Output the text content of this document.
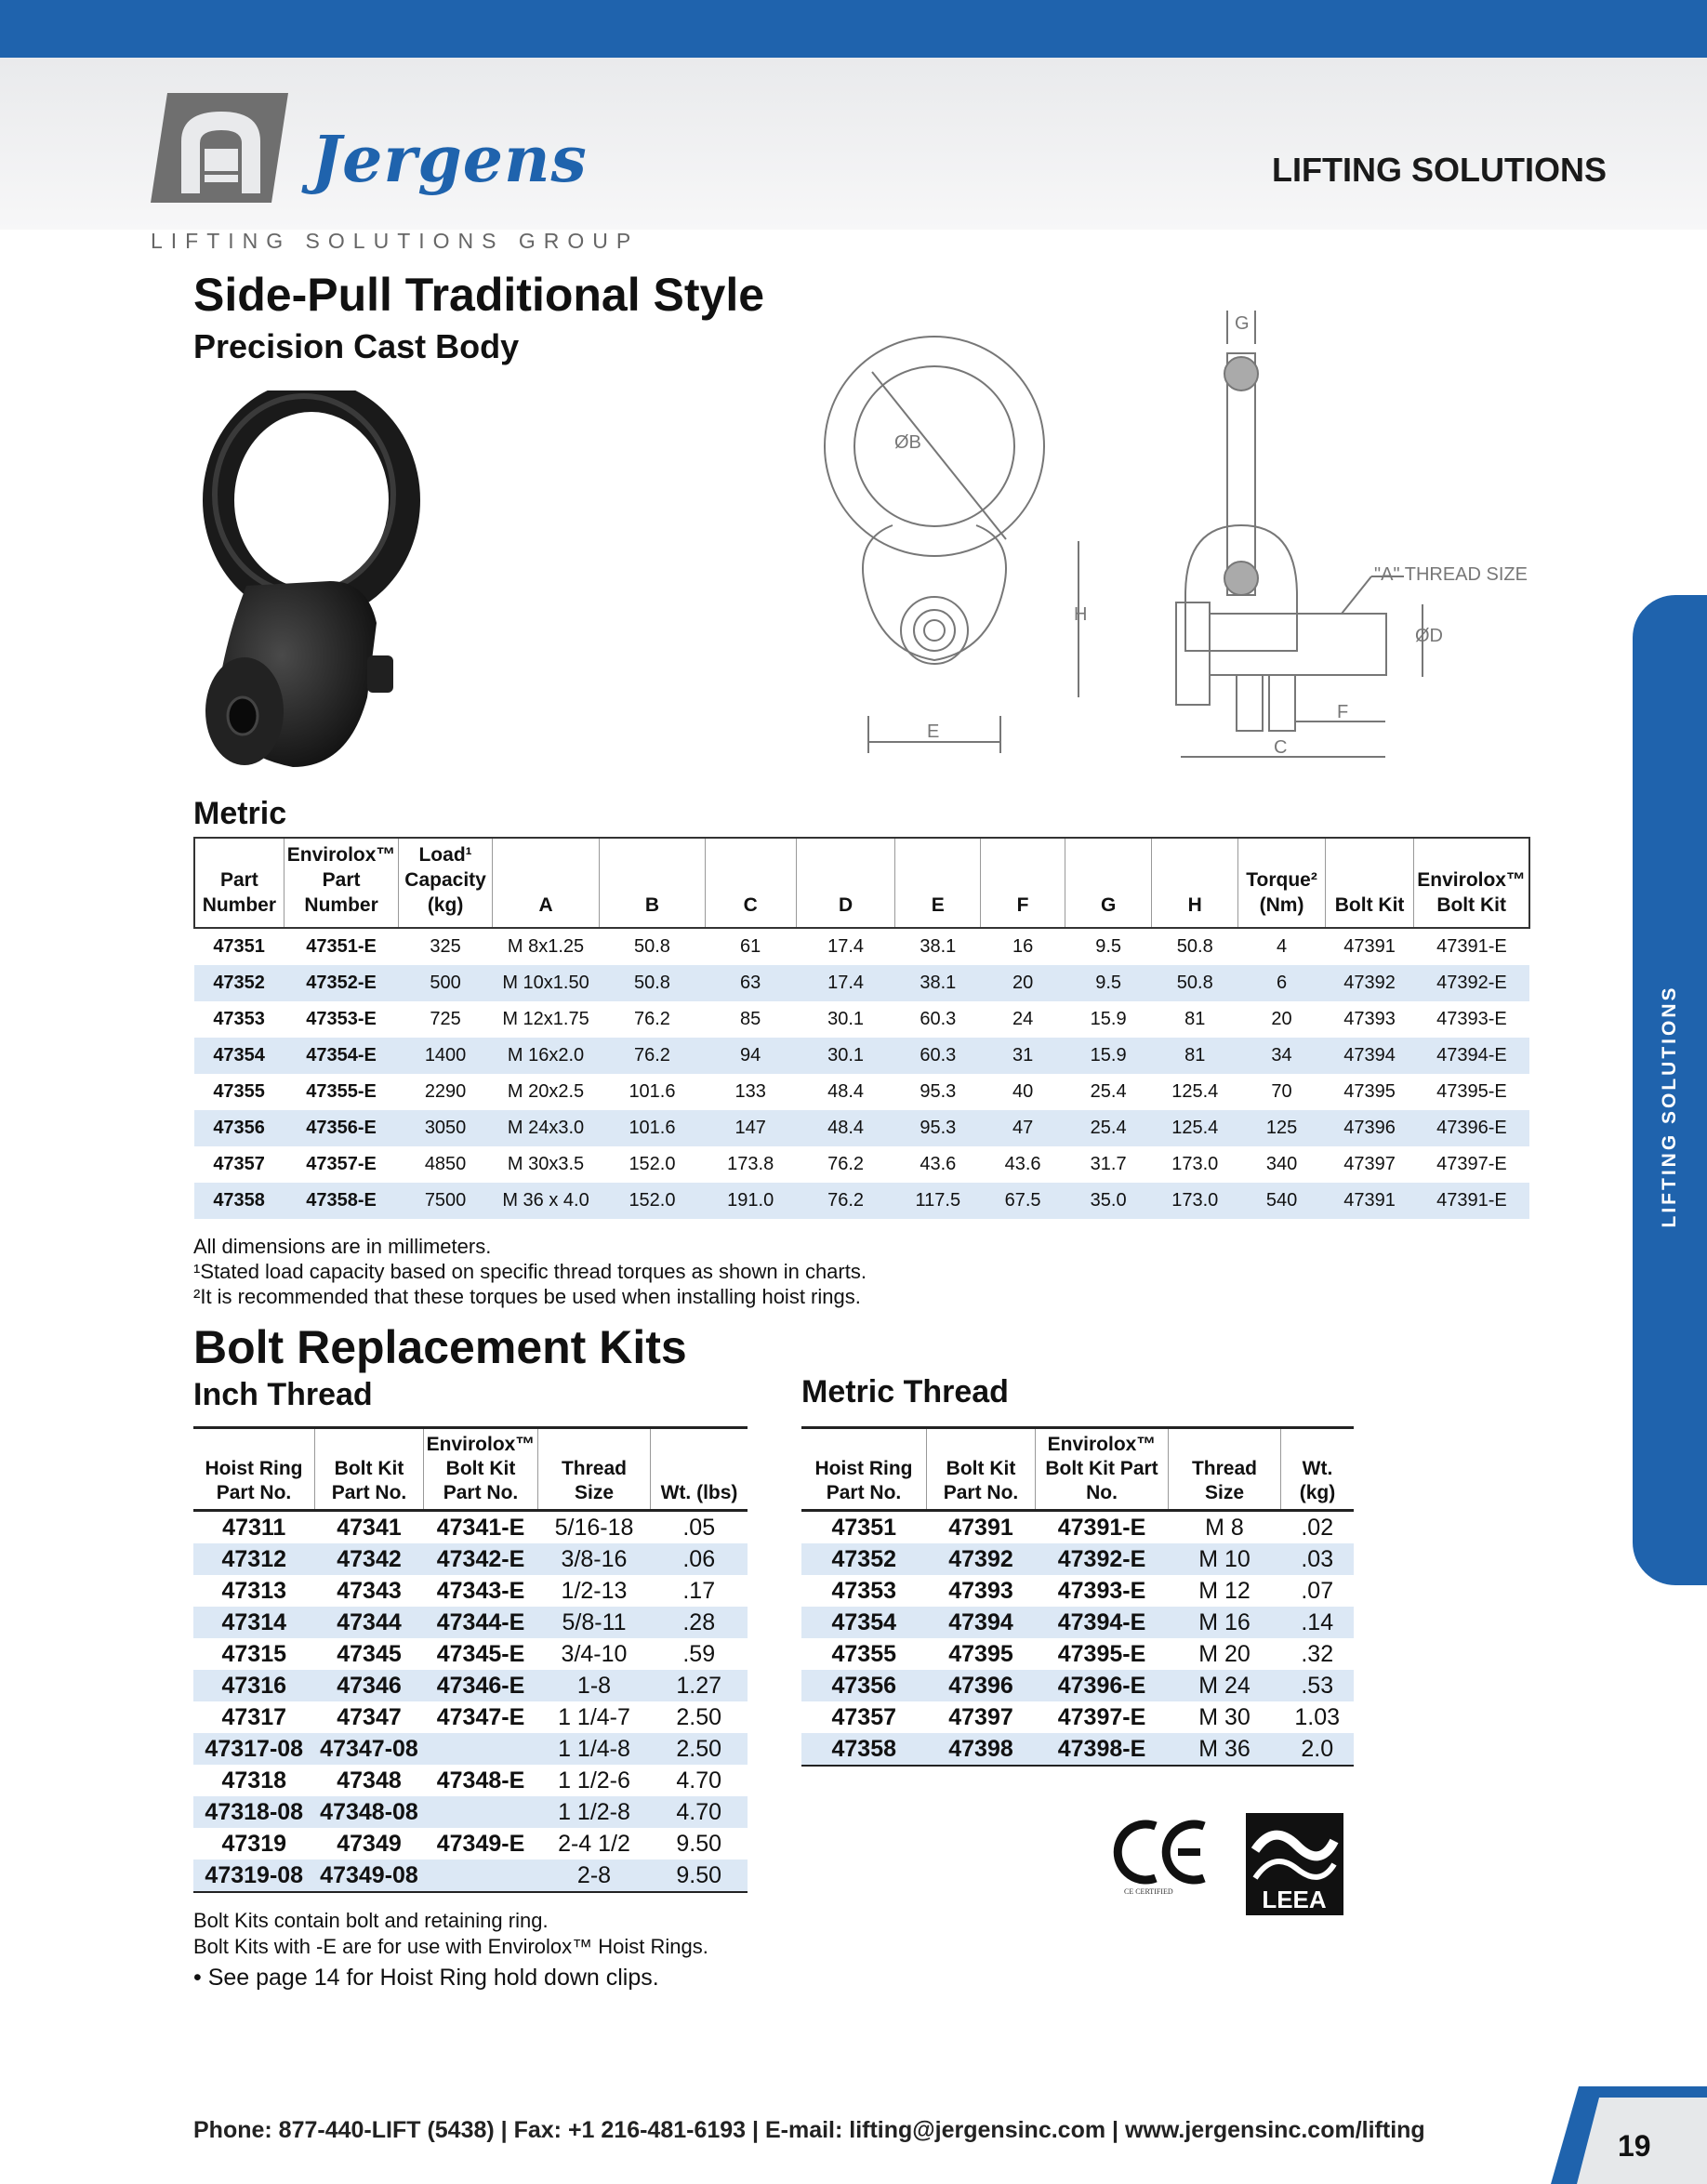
Jergens
LIFTING SOLUTIONS GROUP
LIFTING SOLUTIONS
LIFTING SOLUTIONS
Side-Pull Traditional Style
Precision Cast Body
G
ØB
H
E
"A" THREAD SIZE
ØD
F
C
Metric
Part Number	Envirolox™ Part Number	Load¹ Capacity (kg)	A	B	C	D	E	F	G	H	Torque² (Nm)	Bolt Kit	Envirolox™ Bolt Kit
47351	47351-E	325	M 8x1.25	50.8	61	17.4	38.1	16	9.5	50.8	4	47391	47391-E
47352	47352-E	500	M 10x1.50	50.8	63	17.4	38.1	20	9.5	50.8	6	47392	47392-E
47353	47353-E	725	M 12x1.75	76.2	85	30.1	60.3	24	15.9	81	20	47393	47393-E
47354	47354-E	1400	M 16x2.0	76.2	94	30.1	60.3	31	15.9	81	34	47394	47394-E
47355	47355-E	2290	M 20x2.5	101.6	133	48.4	95.3	40	25.4	125.4	70	47395	47395-E
47356	47356-E	3050	M 24x3.0	101.6	147	48.4	95.3	47	25.4	125.4	125	47396	47396-E
47357	47357-E	4850	M 30x3.5	152.0	173.8	76.2	43.6	43.6	31.7	173.0	340	47397	47397-E
47358	47358-E	7500	M 36 x 4.0	152.0	191.0	76.2	117.5	67.5	35.0	173.0	540	47391	47391-E
All dimensions are in millimeters.
¹Stated load capacity based on specific thread torques as shown in charts.
²It is recommended that these torques be used when installing hoist rings.
Bolt Replacement Kits
Inch Thread	Metric Thread
Hoist Ring Part No.	Bolt Kit Part No.	Envirolox™ Bolt Kit Part No.	Thread Size	Wt. (lbs)
47311	47341	47341-E	5/16-18	.05
47312	47342	47342-E	3/8-16	.06
47313	47343	47343-E	1/2-13	.17
47314	47344	47344-E	5/8-11	.28
47315	47345	47345-E	3/4-10	.59
47316	47346	47346-E	1-8	1.27
47317	47347	47347-E	1 1/4-7	2.50
47317-08	47347-08		1 1/4-8	2.50
47318	47348	47348-E	1 1/2-6	4.70
47318-08	47348-08		1 1/2-8	4.70
47319	47349	47349-E	2-4 1/2	9.50
47319-08	47349-08		2-8	9.50
Hoist Ring Part No.	Bolt Kit Part No.	Envirolox™ Bolt Kit Part No.	Thread Size	Wt. (kg)
47351	47391	47391-E	M 8	.02
47352	47392	47392-E	M 10	.03
47353	47393	47393-E	M 12	.07
47354	47394	47394-E	M 16	.14
47355	47395	47395-E	M 20	.32
47356	47396	47396-E	M 24	.53
47357	47397	47397-E	M 30	1.03
47358	47398	47398-E	M 36	2.0
Bolt Kits contain bolt and retaining ring.
Bolt Kits with -E are for use with Envirolox™ Hoist Rings.
• See page 14 for Hoist Ring hold down clips.
CE CERTIFIED	LEEA
Phone: 877-440-LIFT (5438) | Fax: +1 216-481-6193 | E-mail: lifting@jergensinc.com | www.jergensinc.com/lifting	19
